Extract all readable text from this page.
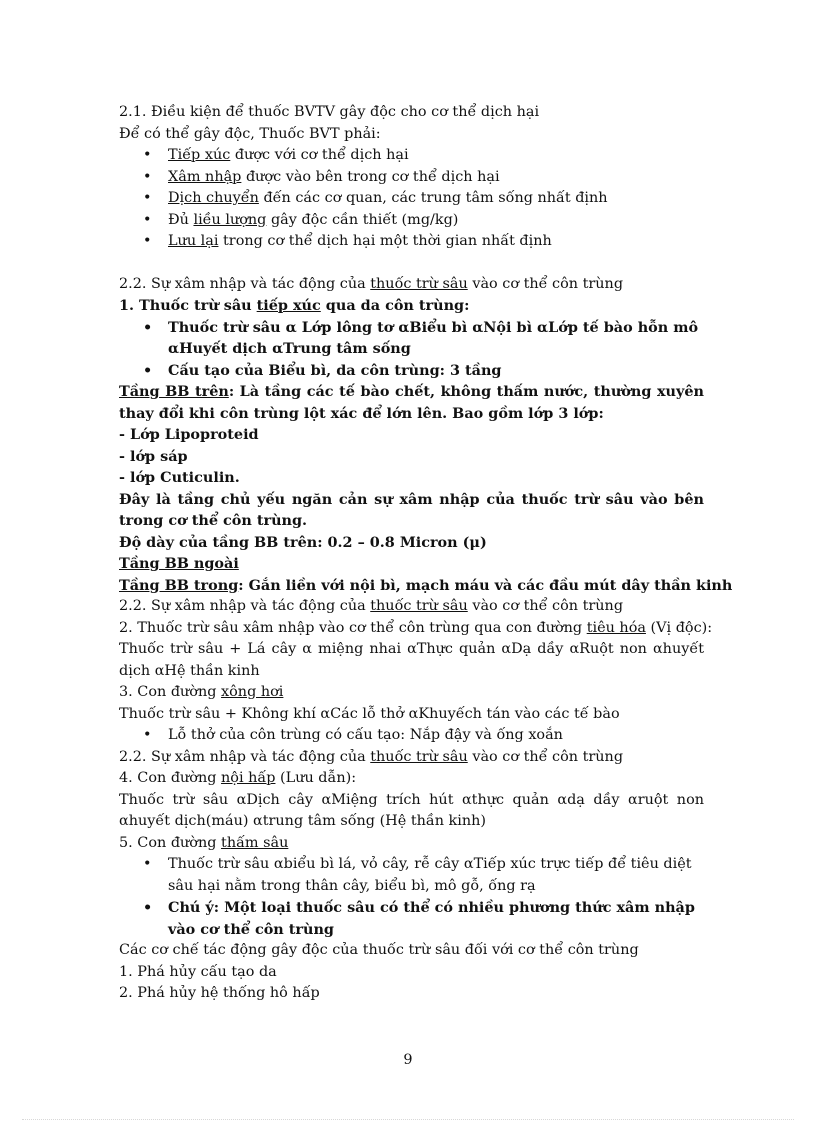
2.1. Điều kiện để thuốc BVTV gây độc cho cơ thể dịch hại
Để có thể gây độc, Thuốc BVT phải:
• Tiếp xúc được với cơ thể dịch hại
• Xâm nhập được vào bên trong cơ thể dịch hại
• Dịch chuyển đến các cơ quan, các trung tâm sống nhất định
• Đủ liều lượng gây độc cần thiết (mg/kg)
• Lưu lại trong cơ thể dịch hại một thời gian nhất định
2.2. Sự xâm nhập và tác động của thuốc trừ sâu vào cơ thể côn trùng
1. Thuốc trừ sâu tiếp xúc qua da côn trùng:
• Thuốc trừ sâu α Lớp lông tơ αBiểu bì αNội bì αLớp tế bào hỗn mô αHuyết dịch αTrung tâm sống
• Cấu tạo của Biểu bì, da côn trùng: 3 tầng
Tầng BB trên: Là tầng các tế bào chết, không thấm nước, thường xuyên thay đổi khi côn trùng lột xác để lớn lên. Bao gồm lớp 3 lớp:
- Lớp Lipoproteid
- lớp sáp
- lớp Cuticulin.
Đây là tầng chủ yếu ngăn cản sự xâm nhập của thuốc trừ sâu vào bên trong cơ thể côn trùng.
Độ dày của tầng BB trên: 0.2 – 0.8 Micron (μ)
Tầng BB ngoài
Tầng BB trong: Gắn liền với nội bì, mạch máu và các đầu mút dây thần kinh
2.2. Sự xâm nhập và tác động của thuốc trừ sâu vào cơ thể côn trùng
2. Thuốc trừ sâu xâm nhập vào cơ thể côn trùng qua con đường tiêu hóa (Vị độc):
Thuốc trừ sâu + Lá cây α miệng nhai αThực quản αDạ dầy αRuột non αhuyết dịch αHệ thần kinh
3. Con đường xông hơi
Thuốc trừ sâu + Không khí αCác lỗ thở αKhuyếch tán vào các tế bào
• Lỗ thở của côn trùng có cấu tạo: Nắp đậy và ống xoắn
2.2. Sự xâm nhập và tác động của thuốc trừ sâu vào cơ thể côn trùng
4. Con đường nội hấp (Lưu dẫn):
Thuốc trừ sâu αDịch cây αMiệng trích hút αthực quản αdạ dầy αruột non αhuyết dịch(máu) αtrung tâm sống (Hệ thần kinh)
5. Con đường thấm sâu
• Thuốc trừ sâu αbiểu bì lá, vỏ cây, rễ cây αTiếp xúc trực tiếp để tiêu diệt sâu hại nằm trong thân cây, biểu bì, mô gỗ, ống rạ
• Chú ý: Một loại thuốc sâu có thể có nhiều phương thức xâm nhập vào cơ thể côn trùng
Các cơ chế tác động gây độc của thuốc trừ sâu đối với cơ thể côn trùng
1. Phá hủy cấu tạo da
2. Phá hủy hệ thống hô hấp
9
